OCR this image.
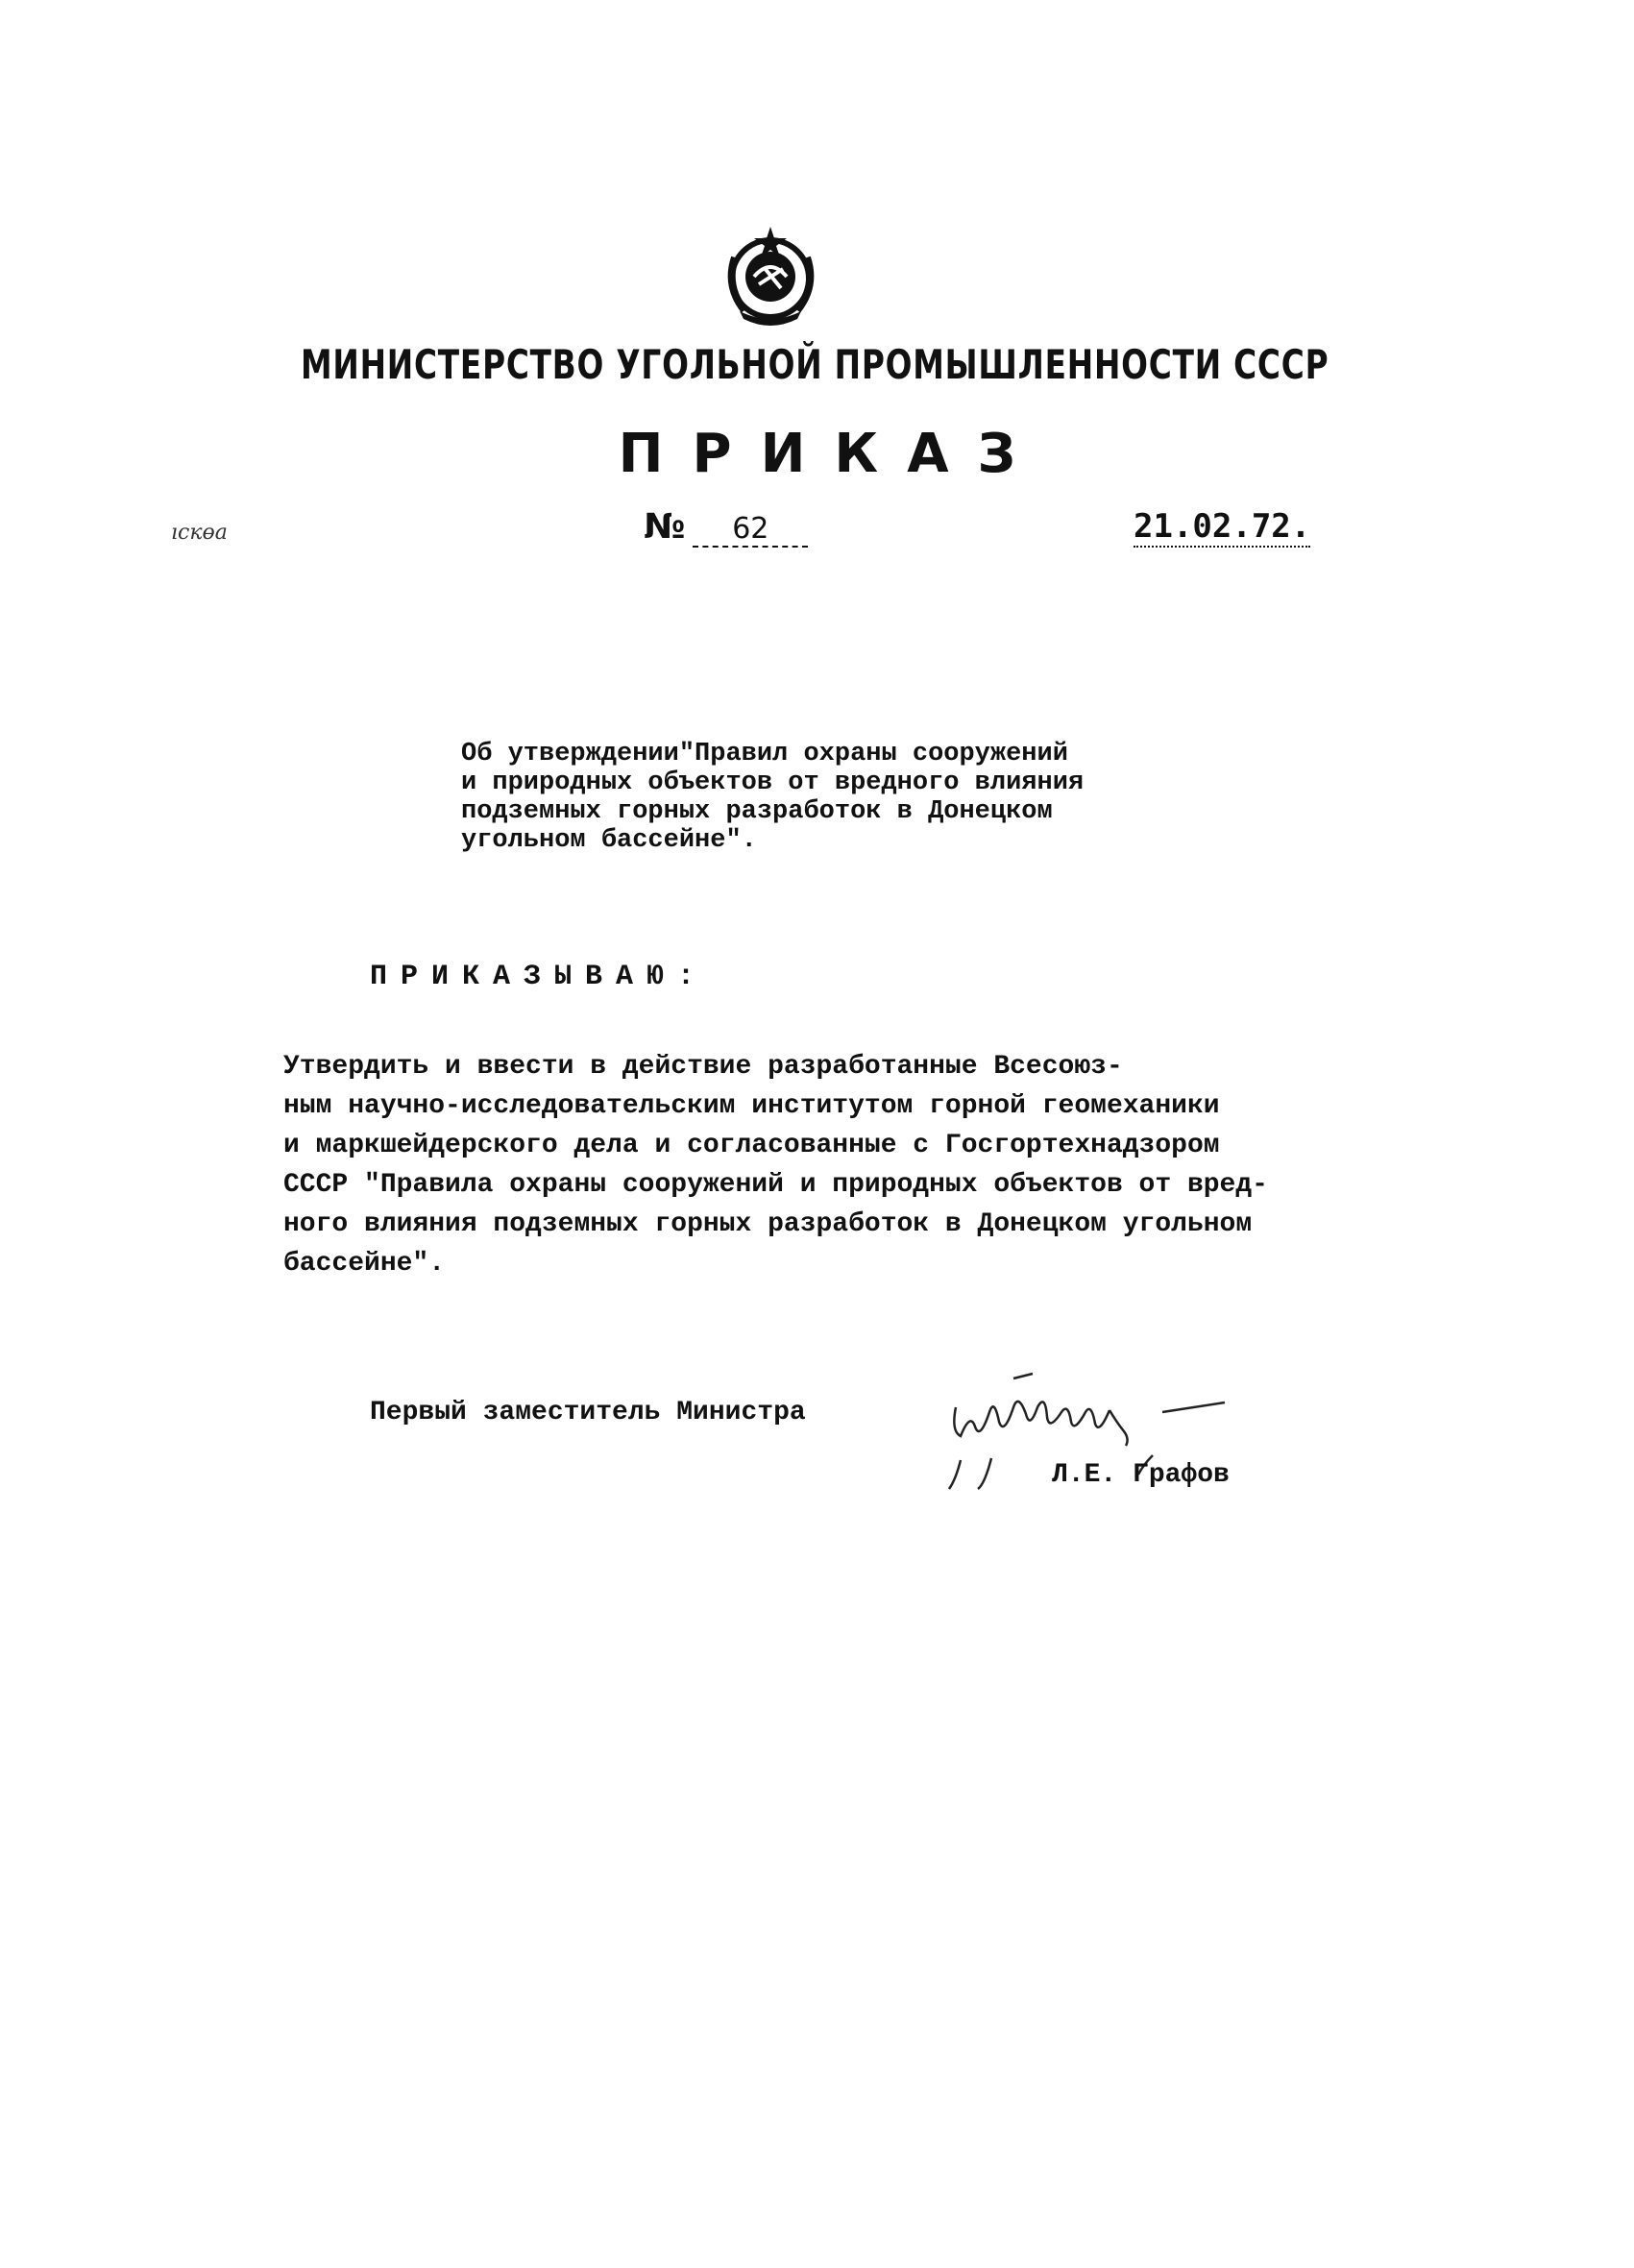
МИНИСТЕРСТВО УГОЛЬНОЙ ПРОМЫШЛЕННОСТИ СССР
ПРИКАЗ
ıскөа	№ 62	21.02.72.
Об утверждении"Правил охраны сооружений
и природных объектов от вредного влияния
подземных горных разработок в Донецком
угольном бассейне".
ПРИКАЗЫВАЮ:
Утвердить и ввести в действие разработанные Всесоюз-
ным научно-исследовательским институтом горной геомеханики
и маркшейдерского дела и согласованные с Госгортехнадзором
СССР "Правила охраны сооружений и природных объектов от вред-
ного влияния подземных горных разработок в Донецком угольном
бассейне".
Первый заместитель Министра
Л.Е. Графов
